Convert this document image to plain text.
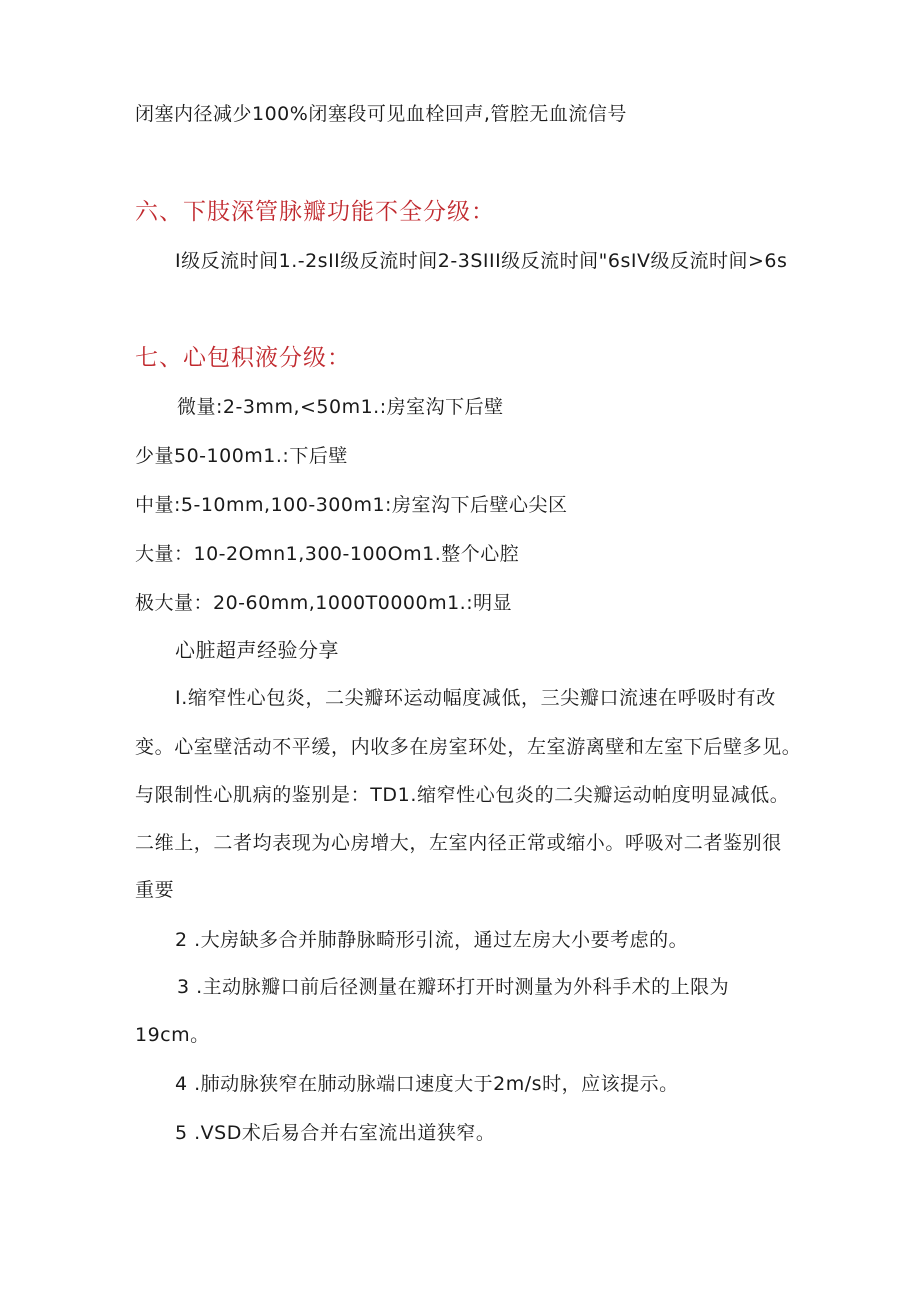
闭塞内径减少100%闭塞段可见血栓回声,管腔无血流信号
六、下肢深管脉瓣功能不全分级：
I级反流时间1.-2sII级反流时间2-3SIII级反流时间"6sIV级反流时间>6s
七、心包积液分级：
微量:2-3mm,<50m1.:房室沟下后壁
少量50-100m1.:下后壁
中量:5-10mm,100-300m1:房室沟下后壁心尖区
大量：10-2Omn1,300-100Om1.整个心腔
极大量：20-60mm,1000T0000m1.:明显
心脏超声经验分享
I.缩窄性心包炎，二尖瓣环运动幅度减低，三尖瓣口流速在呼吸时有改
变。心室壁活动不平缓，内收多在房室环处，左室游离壁和左室下后壁多见。
与限制性心肌病的鉴别是：TD1.缩窄性心包炎的二尖瓣运动帕度明显减低。
二维上，二者均表现为心房增大，左室内径正常或缩小。呼吸对二者鉴别很
重要
2 .大房缺多合并肺静脉畸形引流，通过左房大小要考虑的。
3 .主动脉瓣口前后径测量在瓣环打开时测量为外科手术的上限为
19cm。
4 .肺动脉狭窄在肺动脉端口速度大于2m∕s时，应该提示。
5 .VSD术后易合并右室流出道狭窄。
